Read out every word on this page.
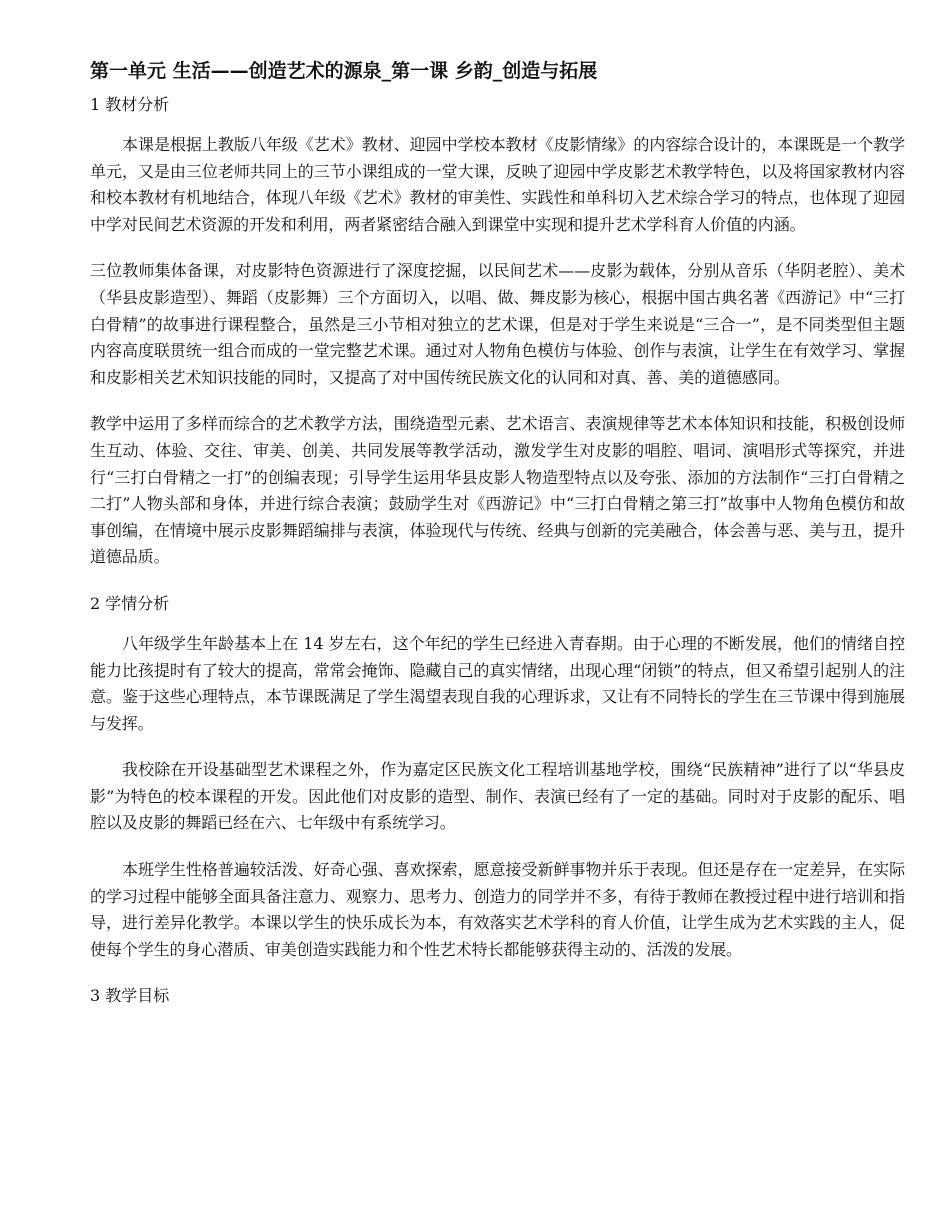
第一单元 生活——创造艺术的源泉_第一课 乡韵_创造与拓展
1 教材分析

本课是根据上教版八年级《艺术》教材、迎园中学校本教材《皮影情缘》的内容综合设计的，本课既是一个教学单元，又是由三位老师共同上的三节小课组成的一堂大课，反映了迎园中学皮影艺术教学特色，以及将国家教材内容和校本教材有机地结合，体现八年级《艺术》教材的审美性、实践性和单科切入艺术综合学习的特点，也体现了迎园中学对民间艺术资源的开发和利用，两者紧密结合融入到课堂中实现和提升艺术学科育人价值的内涵。

三位教师集体备课，对皮影特色资源进行了深度挖掘，以民间艺术——皮影为载体，分别从音乐（华阴老腔）、美术（华县皮影造型）、舞蹈（皮影舞）三个方面切入，以唱、做、舞皮影为核心，根据中国古典名著《西游记》中“三打白骨精”的故事进行课程整合，虽然是三小节相对独立的艺术课，但是对于学生来说是“三合一”，是不同类型但主题内容高度联贯统一组合而成的一堂完整艺术课。通过对人物角色模仿与体验、创作与表演，让学生在有效学习、掌握和皮影相关艺术知识技能的同时，又提高了对中国传统民族文化的认同和对真、善、美的道德感同。

教学中运用了多样而综合的艺术教学方法，围绕造型元素、艺术语言、表演规律等艺术本体知识和技能，积极创设师生互动、体验、交往、审美、创美、共同发展等教学活动，激发学生对皮影的唱腔、唱词、演唱形式等探究，并进行“三打白骨精之一打”的创编表现；引导学生运用华县皮影人物造型特点以及夸张、添加的方法制作“三打白骨精之二打”人物头部和身体，并进行综合表演；鼓励学生对《西游记》中“三打白骨精之第三打”故事中人物角色模仿和故事创编，在情境中展示皮影舞蹈编排与表演，体验现代与传统、经典与创新的完美融合，体会善与恶、美与丑，提升道德品质。

2 学情分析

八年级学生年龄基本上在 14 岁左右，这个年纪的学生已经进入青春期。由于心理的不断发展，他们的情绪自控能力比孩提时有了较大的提高，常常会掩饰、隐藏自己的真实情绪，出现心理“闭锁”的特点，但又希望引起别人的注意。鉴于这些心理特点，本节课既满足了学生渴望表现自我的心理诉求，又让有不同特长的学生在三节课中得到施展与发挥。

我校除在开设基础型艺术课程之外，作为嘉定区民族文化工程培训基地学校，围绕“民族精神”进行了以“华县皮影”为特色的校本课程的开发。因此他们对皮影的造型、制作、表演已经有了一定的基础。同时对于皮影的配乐、唱腔以及皮影的舞蹈已经在六、七年级中有系统学习。

本班学生性格普遍较活泼、好奇心强、喜欢探索，愿意接受新鲜事物并乐于表现。但还是存在一定差异，在实际的学习过程中能够全面具备注意力、观察力、思考力、创造力的同学并不多，有待于教师在教授过程中进行培训和指导，进行差异化教学。本课以学生的快乐成长为本，有效落实艺术学科的育人价值，让学生成为艺术实践的主人，促使每个学生的身心潜质、审美创造实践能力和个性艺术特长都能够获得主动的、活泼的发展。

3 教学目标
